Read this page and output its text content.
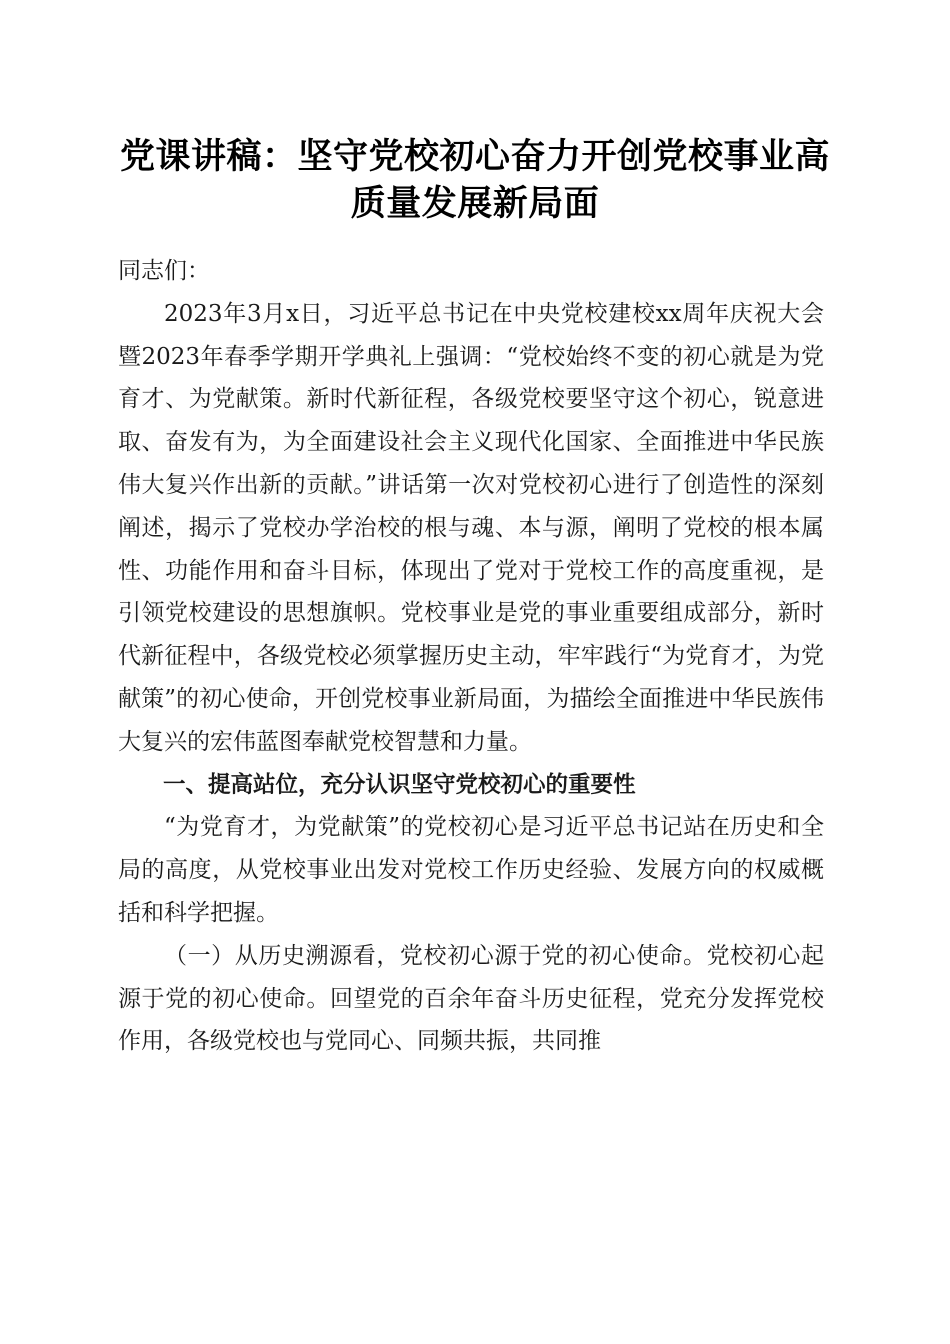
党课讲稿：坚守党校初心奋力开创党校事业高质量发展新局面

同志们：

2023年3月x日，习近平总书记在中央党校建校xx周年庆祝大会暨2023年春季学期开学典礼上强调：“党校始终不变的初心就是为党育才、为党献策。新时代新征程，各级党校要坚守这个初心，锐意进取、奋发有为，为全面建设社会主义现代化国家、全面推进中华民族伟大复兴作出新的贡献。”讲话第一次对党校初心进行了创造性的深刻阐述，揭示了党校办学治校的根与魂、本与源，阐明了党校的根本属性、功能作用和奋斗目标，体现出了党对于党校工作的高度重视，是引领党校建设的思想旗帜。党校事业是党的事业重要组成部分，新时代新征程中，各级党校必须掌握历史主动，牢牢践行“为党育才，为党献策”的初心使命，开创党校事业新局面，为描绘全面推进中华民族伟大复兴的宏伟蓝图奉献党校智慧和力量。

一、提高站位，充分认识坚守党校初心的重要性

“为党育才，为党献策”的党校初心是习近平总书记站在历史和全局的高度，从党校事业出发对党校工作历史经验、发展方向的权威概括和科学把握。

（一）从历史溯源看，党校初心源于党的初心使命。党校初心起源于党的初心使命。回望党的百余年奋斗历史征程，党充分发挥党校作用，各级党校也与党同心、同频共振，共同推
